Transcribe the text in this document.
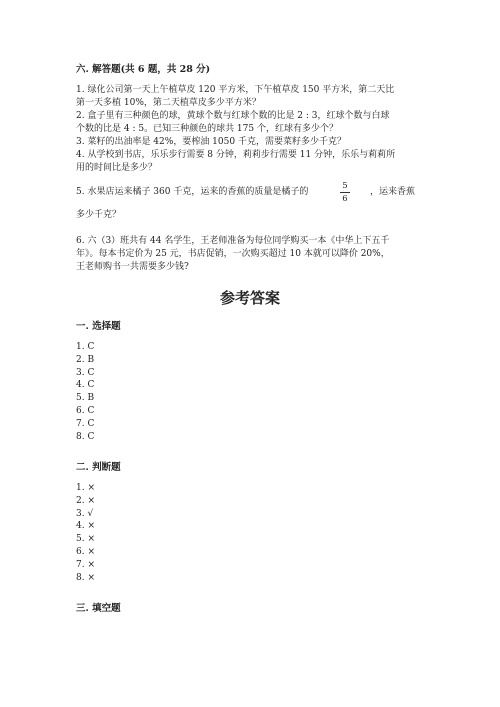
六. 解答题(共 6 题，共 28 分)
1. 绿化公司第一天上午植草皮 120 平方米，下午植草皮 150 平方米，第二天比
第一天多植 10%，第二天植草皮多少平方米？
2. 盒子里有三种颜色的球，黄球个数与红球个数的比是 2 : 3，红球个数与白球
个数的比是 4 : 5。已知三种颜色的球共 175 个，红球有多少个？
3. 菜籽的出油率是 42%，要榨油 1050 千克，需要菜籽多少千克？
4. 从学校到书店，乐乐步行需要 8 分钟，莉莉步行需要 11 分钟，乐乐与莉莉所
用的时间比是多少？
5. 水果店运来橘子 360 千克，运来的香蕉的质量是橘子的
5
6
，运来香蕉
多少千克？
6. 六（3）班共有 44 名学生，王老师准备为每位同学购买一本《中华上下五千
年》。每本书定价为 25 元，书店促销，一次购买超过 10 本就可以降价 20%，
王老师购书一共需要多少钱?
参考答案
一. 选择题
1. C
2. B
3. C
4. C
5. B
6. C
7. C
8. C
二. 判断题
1. ×
2. ×
3. √
4. ×
5. ×
6. ×
7. ×
8. ×
三. 填空题
